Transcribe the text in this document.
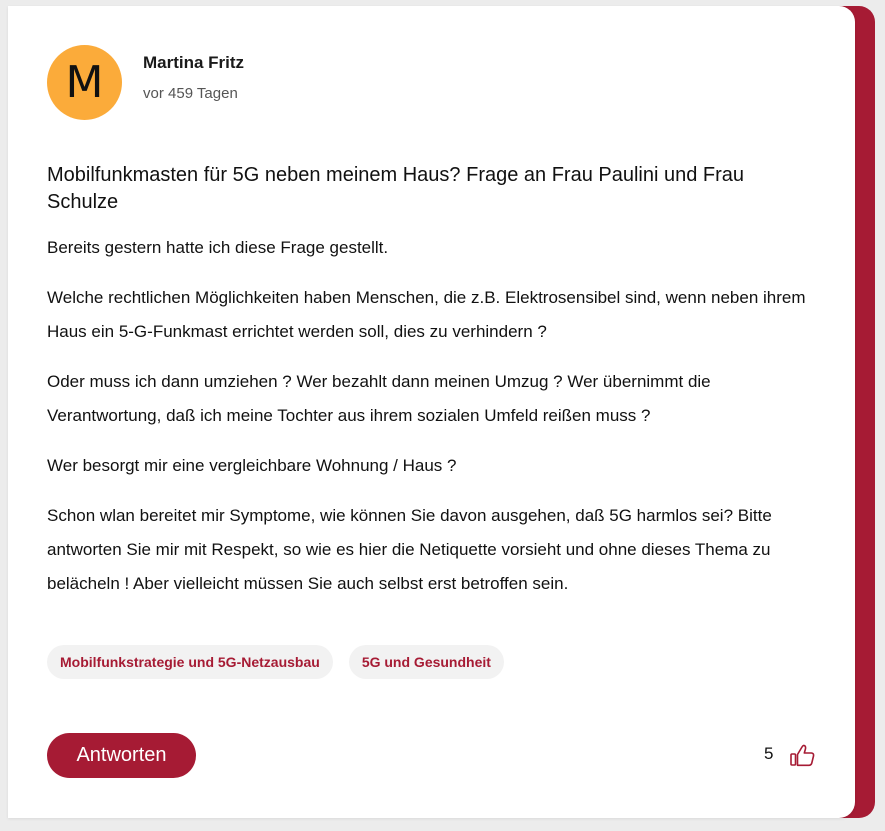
M	Martina Fritz
vor 459 Tagen
Mobilfunkmasten für 5G neben meinem Haus? Frage an Frau Paulini und Frau Schulze

Bereits gestern hatte ich diese Frage gestellt.

Welche rechtlichen Möglichkeiten haben Menschen, die z.B. Elektrosensibel sind, wenn neben ihrem Haus ein 5-G-Funkmast errichtet werden soll, dies zu verhindern ?

Oder muss ich dann umziehen ? Wer bezahlt dann meinen Umzug ? Wer übernimmt die Verantwortung, daß ich meine Tochter aus ihrem sozialen Umfeld reißen muss ?

Wer besorgt mir eine vergleichbare Wohnung / Haus ?

Schon wlan bereitet mir Symptome, wie können Sie davon ausgehen, daß 5G harmlos sei? Bitte antworten Sie mir mit Respekt, so wie es hier die Netiquette vorsieht und ohne dieses Thema zu belächeln ! Aber vielleicht müssen Sie auch selbst erst betroffen sein.

Mobilfunkstrategie und 5G-Netzausbau	5G und Gesundheit
Antworten	5
